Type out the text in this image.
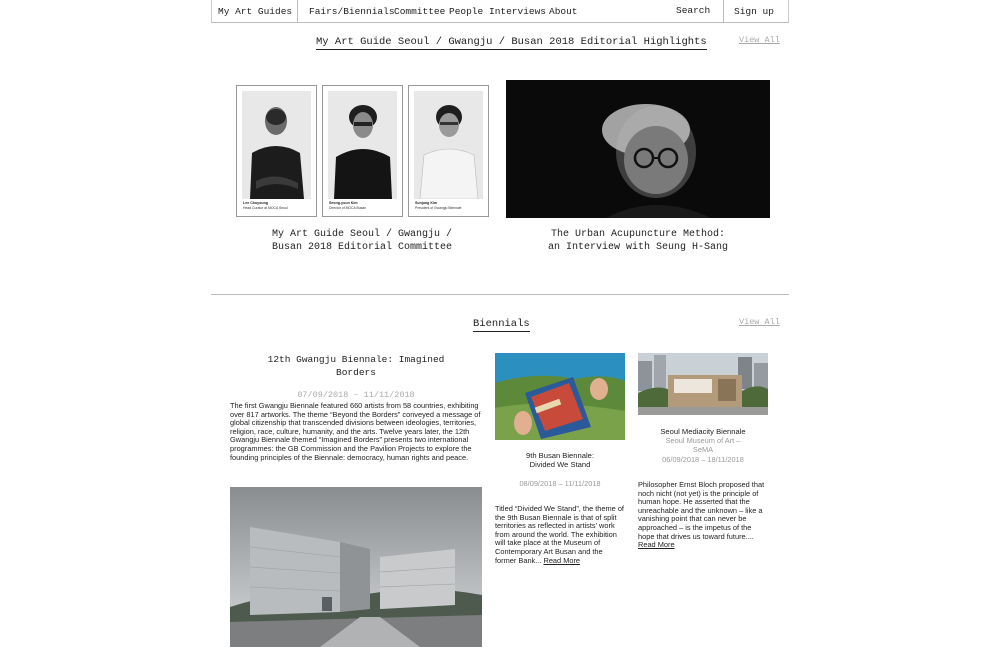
My Art Guides Fairs/Biennials Committee People Interviews About	Search	Sign up
My Art Guide Seoul / Gwangju / Busan 2018 Editorial Highlights	View All
Lee Chuyoung
Head Curator at MOCA Seoul
Seong-youn Kim
Director of MOCA Busan
Sunjung Kim
President of Gwangju Biennale
My Art Guide Seoul / Gwangju /
Busan 2018 Editorial Committee
The Urban Acupuncture Method:
an Interview with Seung H-Sang
Biennials	View All
12th Gwangju Biennale: Imagined
Borders
07/09/2018 – 11/11/2018
The first Gwangju Biennale featured 660 artists from 58 countries, exhibiting over 817 artworks. The theme “Beyond the Borders” conveyed a message of global citizenship that transcended divisions between ideologies, territories, religion, race, culture, humanity, and the arts. Twelve years later, the 12th Gwangju Biennale themed “Imagined Borders” presents two international programmes: the GB Commission and the Pavilion Projects to explore the founding principles of the Biennale: democracy, human rights and peace.	9th Busan Biennale:
Divided We Stand
08/09/2018 – 11/11/2018
Titled “Divided We Stand”, the theme of the 9th Busan Biennale is that of split territories as reflected in artists’ work from around the world. The exhibition will take place at the Museum of Contemporary Art Busan and the former Bank... Read More
Seoul Mediacity Biennale
Seoul Museum of Art –
SeMA
06/09/2018 – 18/11/2018
Philosopher Ernst Bloch proposed that noch nicht (not yet) is the principle of human hope. He asserted that the unreachable and the unknown – like a vanishing point that can never be approached – is the impetus of the hope that drives us toward future.... Read More
